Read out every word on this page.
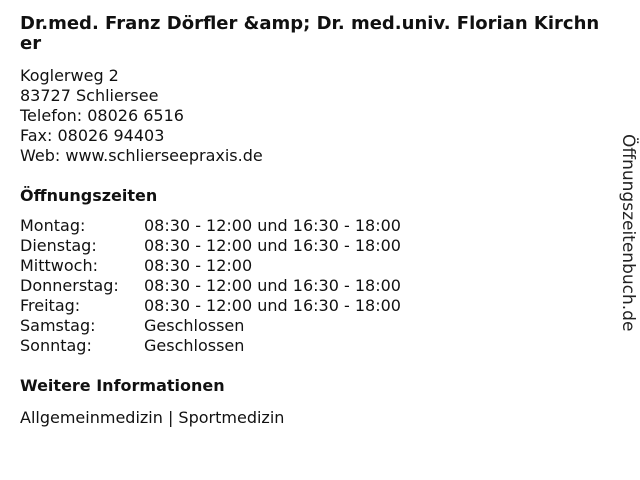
Dr.med. Franz Dörfler &amp; Dr. med.univ. Florian Kirchner
Koglerweg 2
83727 Schliersee
Telefon: 08026 6516
Fax: 08026 94403
Web: www.schlierseepraxis.de
Öffnungszeiten
Montag:	08:30 - 12:00 und 16:30 - 18:00
Dienstag:	08:30 - 12:00 und 16:30 - 18:00
Mittwoch:	08:30 - 12:00
Donnerstag:	08:30 - 12:00 und 16:30 - 18:00
Freitag:	08:30 - 12:00 und 16:30 - 18:00
Samstag:	Geschlossen
Sonntag:	Geschlossen
Weitere Informationen
Allgemeinmedizin | Sportmedizin
Öffnungszeitenbuch.de
